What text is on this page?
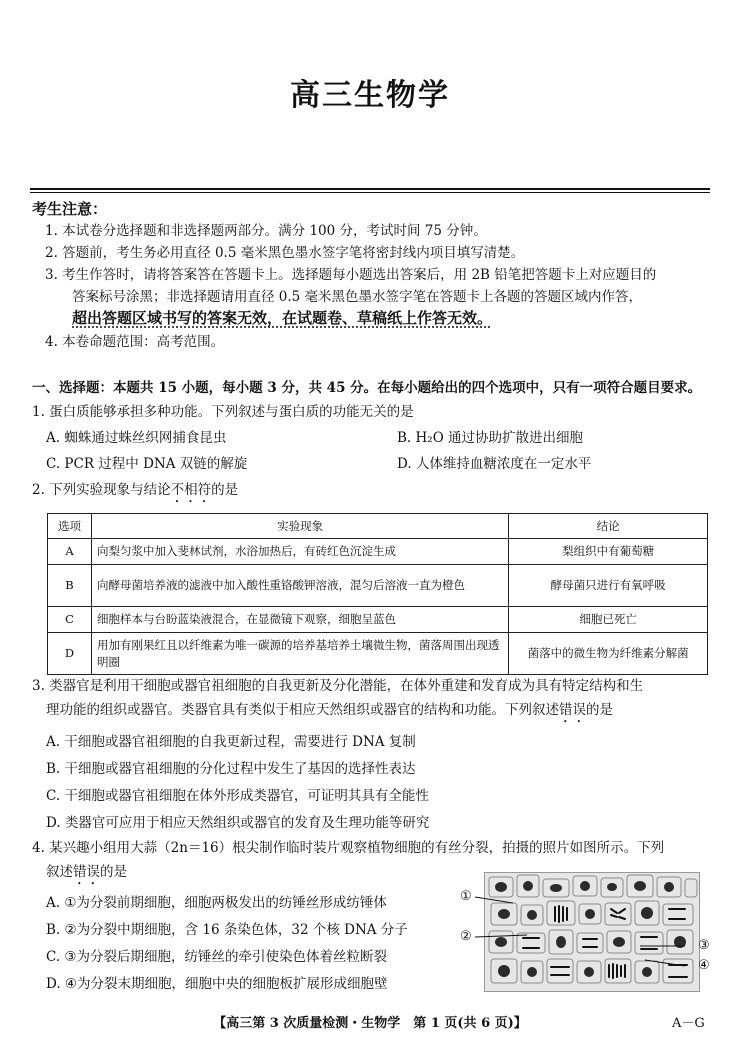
高三生物学
考生注意：
1. 本试卷分选择题和非选择题两部分。满分 100 分，考试时间 75 分钟。
2. 答题前，考生务必用直径 0.5 毫米黑色墨水签字笔将密封线内项目填写清楚。
3. 考生作答时，请将答案答在答题卡上。选择题每小题选出答案后，用 2B 铅笔把答题卡上对应题目的
答案标号涂黑；非选择题请用直径 0.5 毫米黑色墨水签字笔在答题卡上各题的答题区域内作答，
超出答题区域书写的答案无效，在试题卷、草稿纸上作答无效。
4. 本卷命题范围：高考范围。
一、选择题：本题共 15 小题，每小题 3 分，共 45 分。在每小题给出的四个选项中，只有一项符合题目要求。
1. 蛋白质能够承担多种功能。下列叙述与蛋白质的功能无关的是
A. 蜘蛛通过蛛丝织网捕食昆虫	B. H₂O 通过协助扩散进出细胞
C. PCR 过程中 DNA 双链的解旋	D. 人体维持血糖浓度在一定水平
2. 下列实验现象与结论不相符的是
选项	实验现象	结论
A	向梨匀浆中加入斐林试剂，水浴加热后，有砖红色沉淀生成	梨组织中有葡萄糖
B	向酵母菌培养液的滤液中加入酸性重铬酸钾溶液，混匀后溶液一直为橙色	酵母菌只进行有氧呼吸
C	细胞样本与台盼蓝染液混合，在显微镜下观察，细胞呈蓝色	细胞已死亡
D	用加有刚果红且以纤维素为唯一碳源的培养基培养土壤微生物，菌落周围出现透明圈	菌落中的微生物为纤维素分解菌
3. 类器官是利用干细胞或器官祖细胞的自我更新及分化潜能，在体外重建和发育成为具有特定结构和生
理功能的组织或器官。类器官具有类似于相应天然组织或器官的结构和功能。下列叙述错误的是
A. 干细胞或器官祖细胞的自我更新过程，需要进行 DNA 复制
B. 干细胞或器官祖细胞的分化过程中发生了基因的选择性表达
C. 干细胞或器官祖细胞在体外形成类器官，可证明其具有全能性
D. 类器官可应用于相应天然组织或器官的发育及生理功能等研究
4. 某兴趣小组用大蒜（2n＝16）根尖制作临时装片观察植物细胞的有丝分裂，拍摄的照片如图所示。下列
叙述错误的是
A. ①为分裂前期细胞，细胞两极发出的纺锤丝形成纺锤体
B. ②为分裂中期细胞，含 16 条染色体，32 个核 DNA 分子
C. ③为分裂后期细胞，纺锤丝的牵引使染色体着丝粒断裂
D. ④为分裂末期细胞，细胞中央的细胞板扩展形成细胞壁
①
②
③
④
【高三第 3 次质量检测・生物学　第 1 页(共 6 页)】	A－G
